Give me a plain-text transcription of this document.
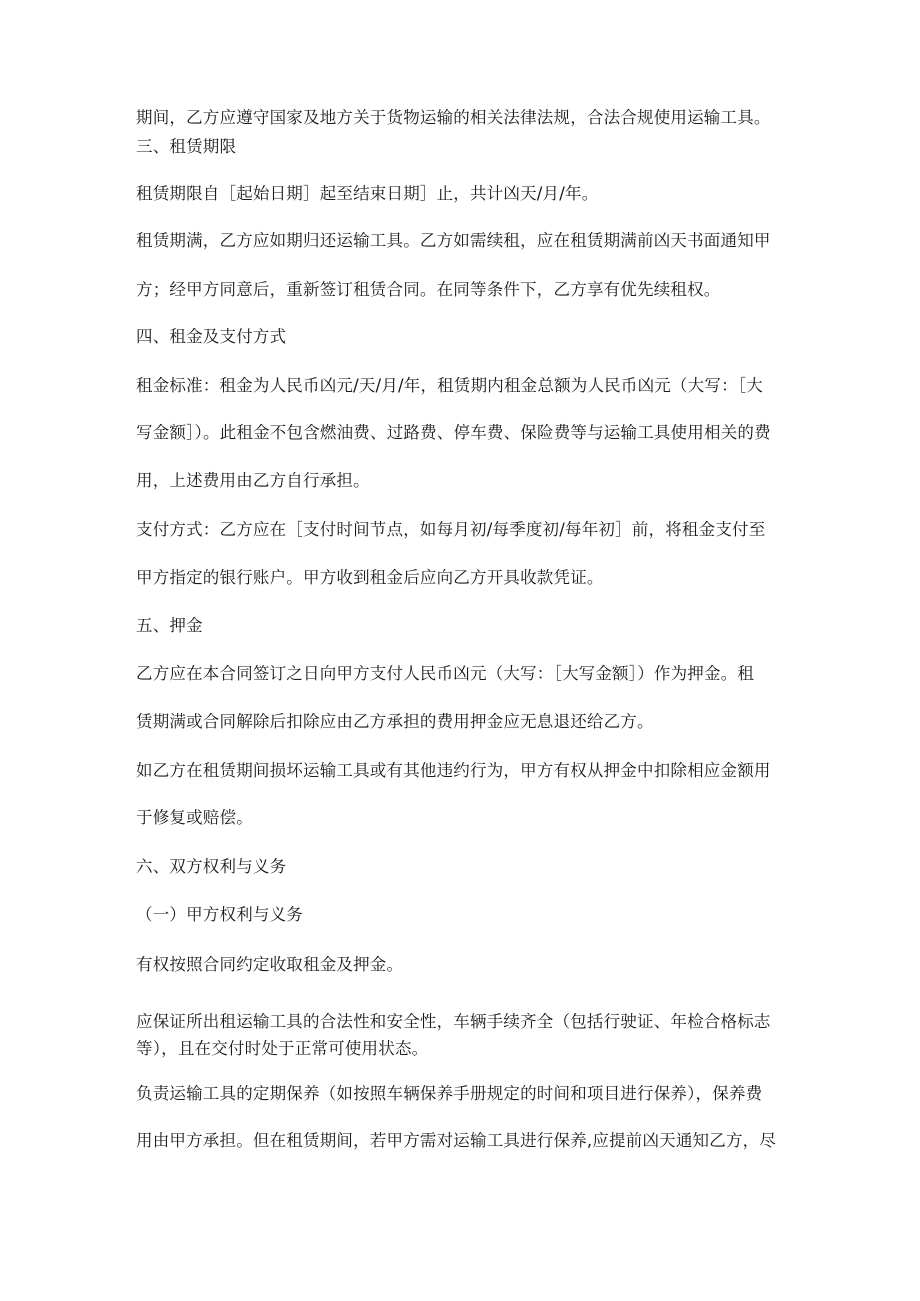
期间，乙方应遵守国家及地方关于货物运输的相关法律法规，合法合规使用运输工具。
三、租赁期限
租赁期限自［起始日期］起至结束日期］止，共计凶天/月/年。
租赁期满，乙方应如期归还运输工具。乙方如需续租，应在租赁期满前凶天书面通知甲
方；经甲方同意后，重新签订租赁合同。在同等条件下，乙方享有优先续租权。
四、租金及支付方式
租金标准：租金为人民币凶元/天/月/年，租赁期内租金总额为人民币凶元（大写：［大
写金额］）。此租金不包含燃油费、过路费、停车费、保险费等与运输工具使用相关的费
用，上述费用由乙方自行承担。
支付方式：乙方应在［支付时间节点，如每月初/每季度初/每年初］前，将租金支付至
甲方指定的银行账户。甲方收到租金后应向乙方开具收款凭证。
五、押金
乙方应在本合同签订之日向甲方支付人民币凶元（大写：［大写金额］）作为押金。租
赁期满或合同解除后扣除应由乙方承担的费用押金应无息退还给乙方。
如乙方在租赁期间损坏运输工具或有其他违约行为，甲方有权从押金中扣除相应金额用
于修复或赔偿。
六、双方权利与义务
（一）甲方权利与义务
有权按照合同约定收取租金及押金。
应保证所出租运输工具的合法性和安全性，车辆手续齐全（包括行驶证、年检合格标志
等），且在交付时处于正常可使用状态。
负责运输工具的定期保养（如按照车辆保养手册规定的时间和项目进行保养），保养费
用由甲方承担。但在租赁期间，若甲方需对运输工具进行保养,应提前凶天通知乙方，尽
